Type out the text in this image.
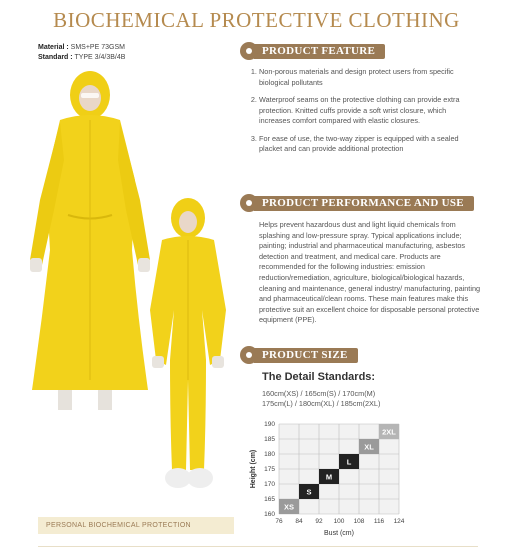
BIOCHEMICAL PROTECTIVE CLOTHING
Material : SMS+PE 73GSM
Standard : TYPE 3/4/3B/4B
PRODUCT FEATURE
1. Non-porous materials and design protect users from specific biological pollutants
2. Waterproof seams on the protective clothing can provide extra protection. Knitted cuffs provide a soft wrist closure, which increases comfort compared with elastic closures.
3. For ease of use, the two-way zipper is equipped with a sealed placket and can provide additional protection
PRODUCT PERFORMANCE AND USE

Helps prevent hazardous dust and light liquid chemicals from splashing and low-pressure spray. Typical applications include; painting; industrial and pharmaceutical manufacturing, asbestos detection and treatment, and medical care. Products are recommended for the following industries: emission reduction/remediation, agriculture, biological/biological hazards, cleaning and maintenance, general industry/ manufacturing, painting and pharmaceutical/clean rooms. These main features make this protective suit an excellent choice for disposable personal protective equipment (PPE).

PRODUCT SIZE
The Detail Standards:
160cm(XS) / 165cm(S) / 170cm(M)
175cm(L) / 180cm(XL) / 185cm(2XL)
76 84 92 100 108 116 124
160
165
170
175
180
185
190
XS
S
M
L
XL
2XL
Bust (cm)
Height (cm)
PERSONAL BIOCHEMICAL PROTECTION
